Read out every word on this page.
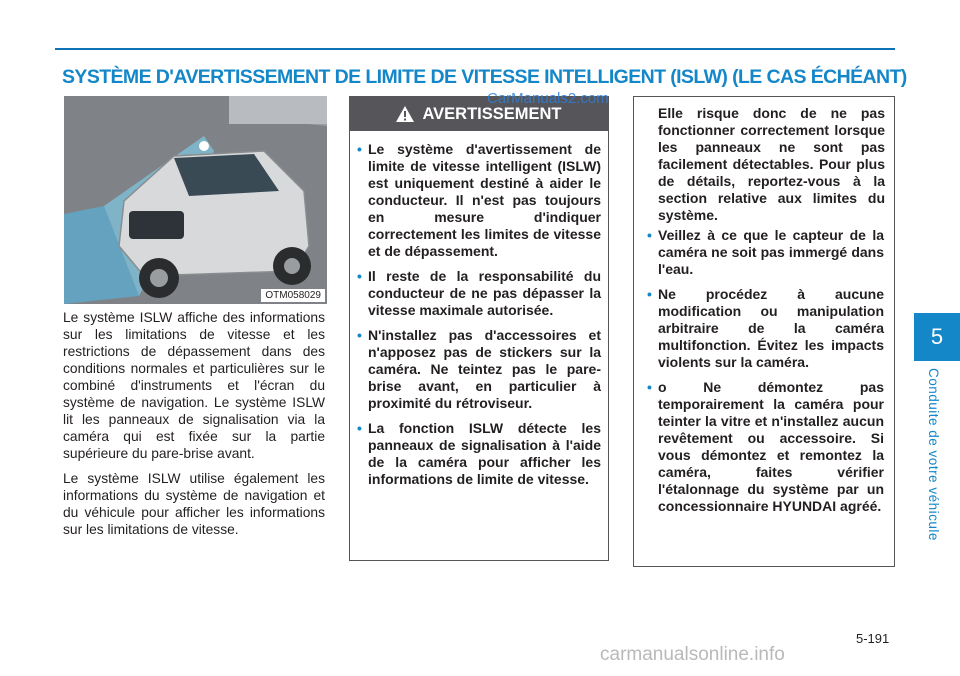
SYSTÈME D'AVERTISSEMENT DE LIMITE DE VITESSE INTELLIGENT (ISLW) (LE CAS ÉCHÉANT)
OTM058029

Le système ISLW affiche des informations sur les limitations de vitesse et les restrictions de dépassement dans des conditions normales et particulières sur le combiné d'instruments et l'écran du système de navigation. Le système ISLW lit les panneaux de signalisation via la caméra qui est fixée sur la partie supérieure du pare-brise avant.

Le système ISLW utilise également les informations du système de navigation et du véhicule pour afficher les informations sur les limitations de vitesse.

AVERTISSEMENT
• Le système d'avertissement de limite de vitesse intelligent (ISLW) est uniquement destiné à aider le conducteur. Il n'est pas toujours en mesure d'indiquer correctement les limites de vitesse et de dépassement.
• Il reste de la responsabilité du conducteur de ne pas dépasser la vitesse maximale autorisée.
• N'installez pas d'accessoires et n'apposez pas de stickers sur la caméra. Ne teintez pas le pare-brise avant, en particulier à proximité du rétroviseur.
• La fonction ISLW détecte les panneaux de signalisation à l'aide de la caméra pour afficher les informations de limite de vitesse.

Elle risque donc de ne pas fonctionner correctement lorsque les panneaux ne sont pas facilement détectables. Pour plus de détails, reportez-vous à la section relative aux limites du système.

• Veillez à ce que le capteur de la caméra ne soit pas immergé dans l'eau.
• Ne procédez à aucune modification ou manipulation arbitraire de la caméra multifonction. Évitez les impacts violents sur la caméra.
• o Ne démontez pas temporairement la caméra pour teinter la vitre et n'installez aucun revêtement ou accessoire. Si vous démontez et remontez la caméra, faites vérifier l'étalonnage du système par un concessionnaire HYUNDAI agréé.
CarManuals2.com
5
Conduite de votre véhicule
5-191
carmanualsonline.info
